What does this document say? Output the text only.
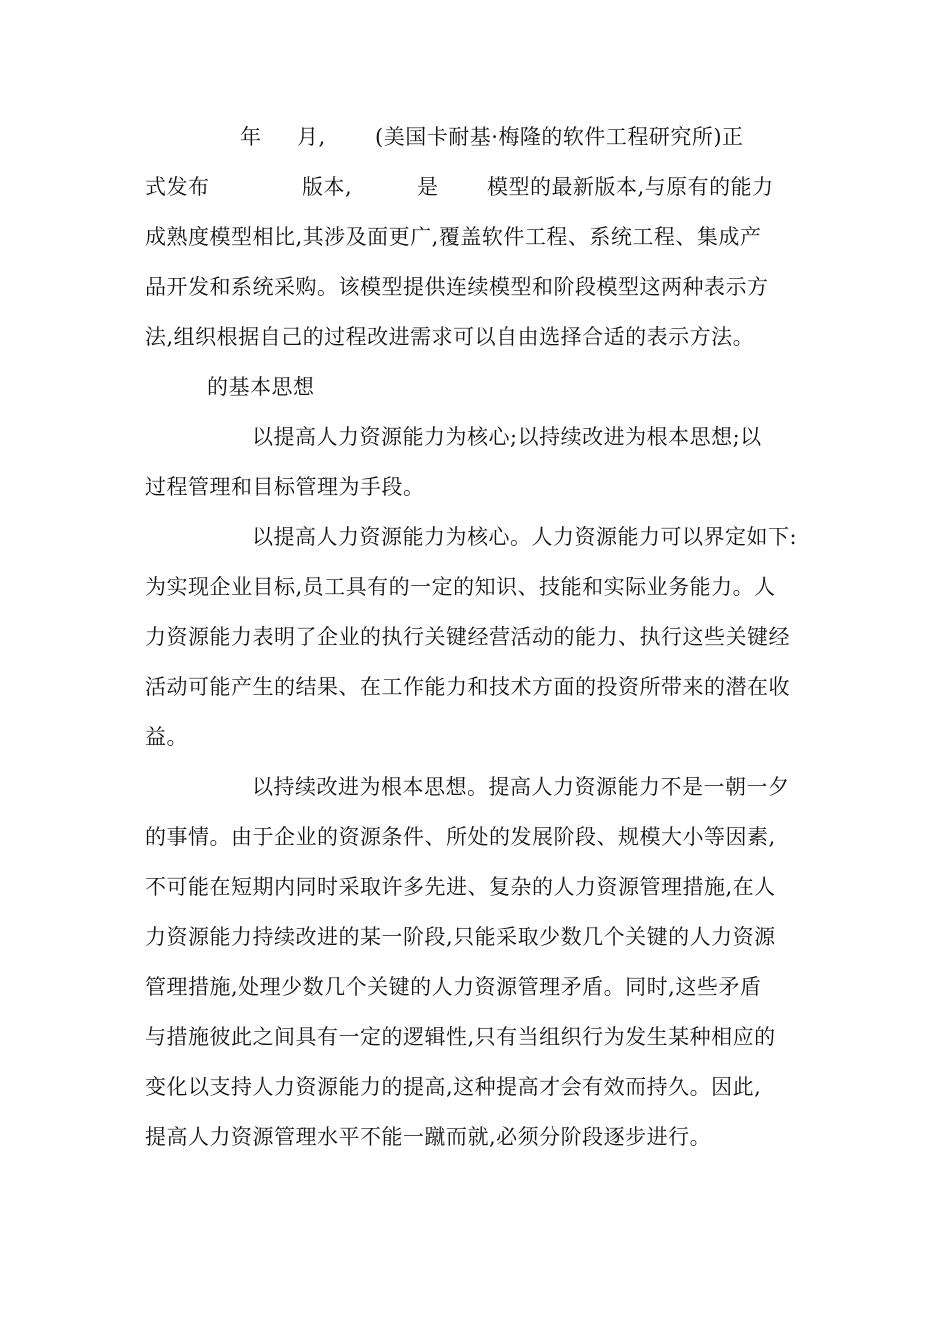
年 月, (美国卡耐基·梅隆的软件工程研究所)正
式发布	版本,	是 模型的最新版本,与原有的能力
成熟度模型相比,其涉及面更广,覆盖软件工程、系统工程、集成产
品开发和系统采购。该模型提供连续模型和阶段模型这两种表示方
法,组织根据自己的过程改进需求可以自由选择合适的表示方法。
的基本思想
以提高人力资源能力为核心;以持续改进为根本思想;以
过程管理和目标管理为手段。
以提高人力资源能力为核心。人力资源能力可以界定如下:
为实现企业目标,员工具有的一定的知识、技能和实际业务能力。人
力资源能力表明了企业的执行关键经营活动的能力、执行这些关键经
活动可能产生的结果、在工作能力和技术方面的投资所带来的潜在收
益。
以持续改进为根本思想。提高人力资源能力不是一朝一夕
的事情。由于企业的资源条件、所处的发展阶段、规模大小等因素,
不可能在短期内同时采取许多先进、复杂的人力资源管理措施,在人
力资源能力持续改进的某一阶段,只能采取少数几个关键的人力资源
管理措施,处理少数几个关键的人力资源管理矛盾。同时,这些矛盾
与措施彼此之间具有一定的逻辑性,只有当组织行为发生某种相应的
变化以支持人力资源能力的提高,这种提高才会有效而持久。因此,
提高人力资源管理水平不能一蹴而就,必须分阶段逐步进行。
